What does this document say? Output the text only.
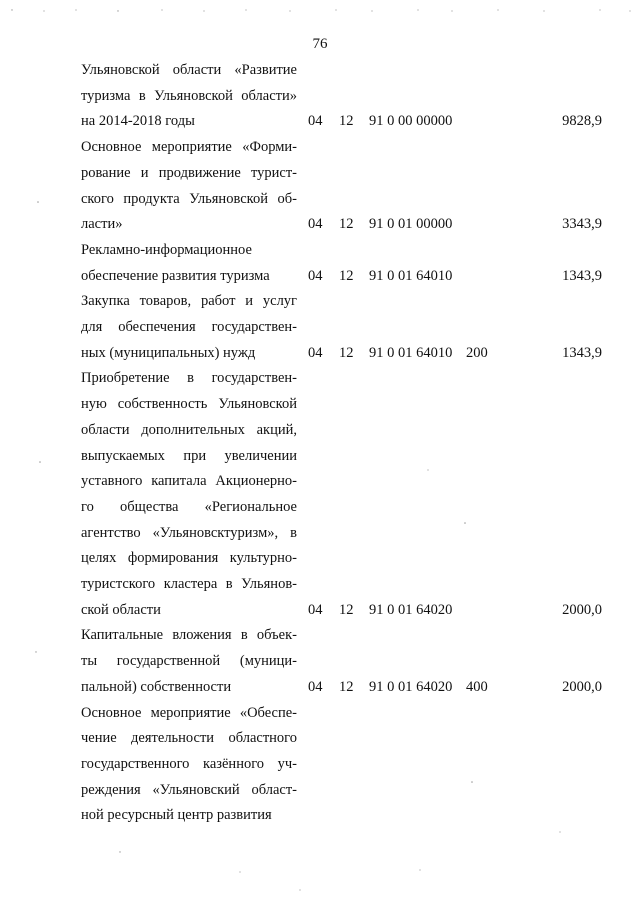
76
Ульяновской области «Развитие
туризма в Ульяновской области»
на 2014-2018 годы	04 12 91 0 00 00000	9828,9
Основное мероприятие «Форми-
рование и продвижение турист-
ского продукта Ульяновской об-
ласти»	04 12 91 0 01 00000	3343,9
Рекламно-информационное
обеспечение развития туризма	04 12 91 0 01 64010	1343,9
Закупка товаров, работ и услуг
для обеспечения государствен-
ных (муниципальных) нужд	04 12 91 0 01 64010 200	1343,9
Приобретение в государствен-
ную собственность Ульяновской
области дополнительных акций,
выпускаемых при увеличении
уставного капитала Акционерно-
го общества «Региональное
агентство «Ульяновсктуризм», в
целях формирования культурно-
туристского кластера в Ульянов-
ской области	04 12 91 0 01 64020	2000,0
Капитальные вложения в объек-
ты государственной (муници-
пальной) собственности	04 12 91 0 01 64020 400	2000,0
Основное мероприятие «Обеспе-
чение деятельности областного
государственного казённого уч-
реждения «Ульяновский област-
ной ресурсный центр развития
